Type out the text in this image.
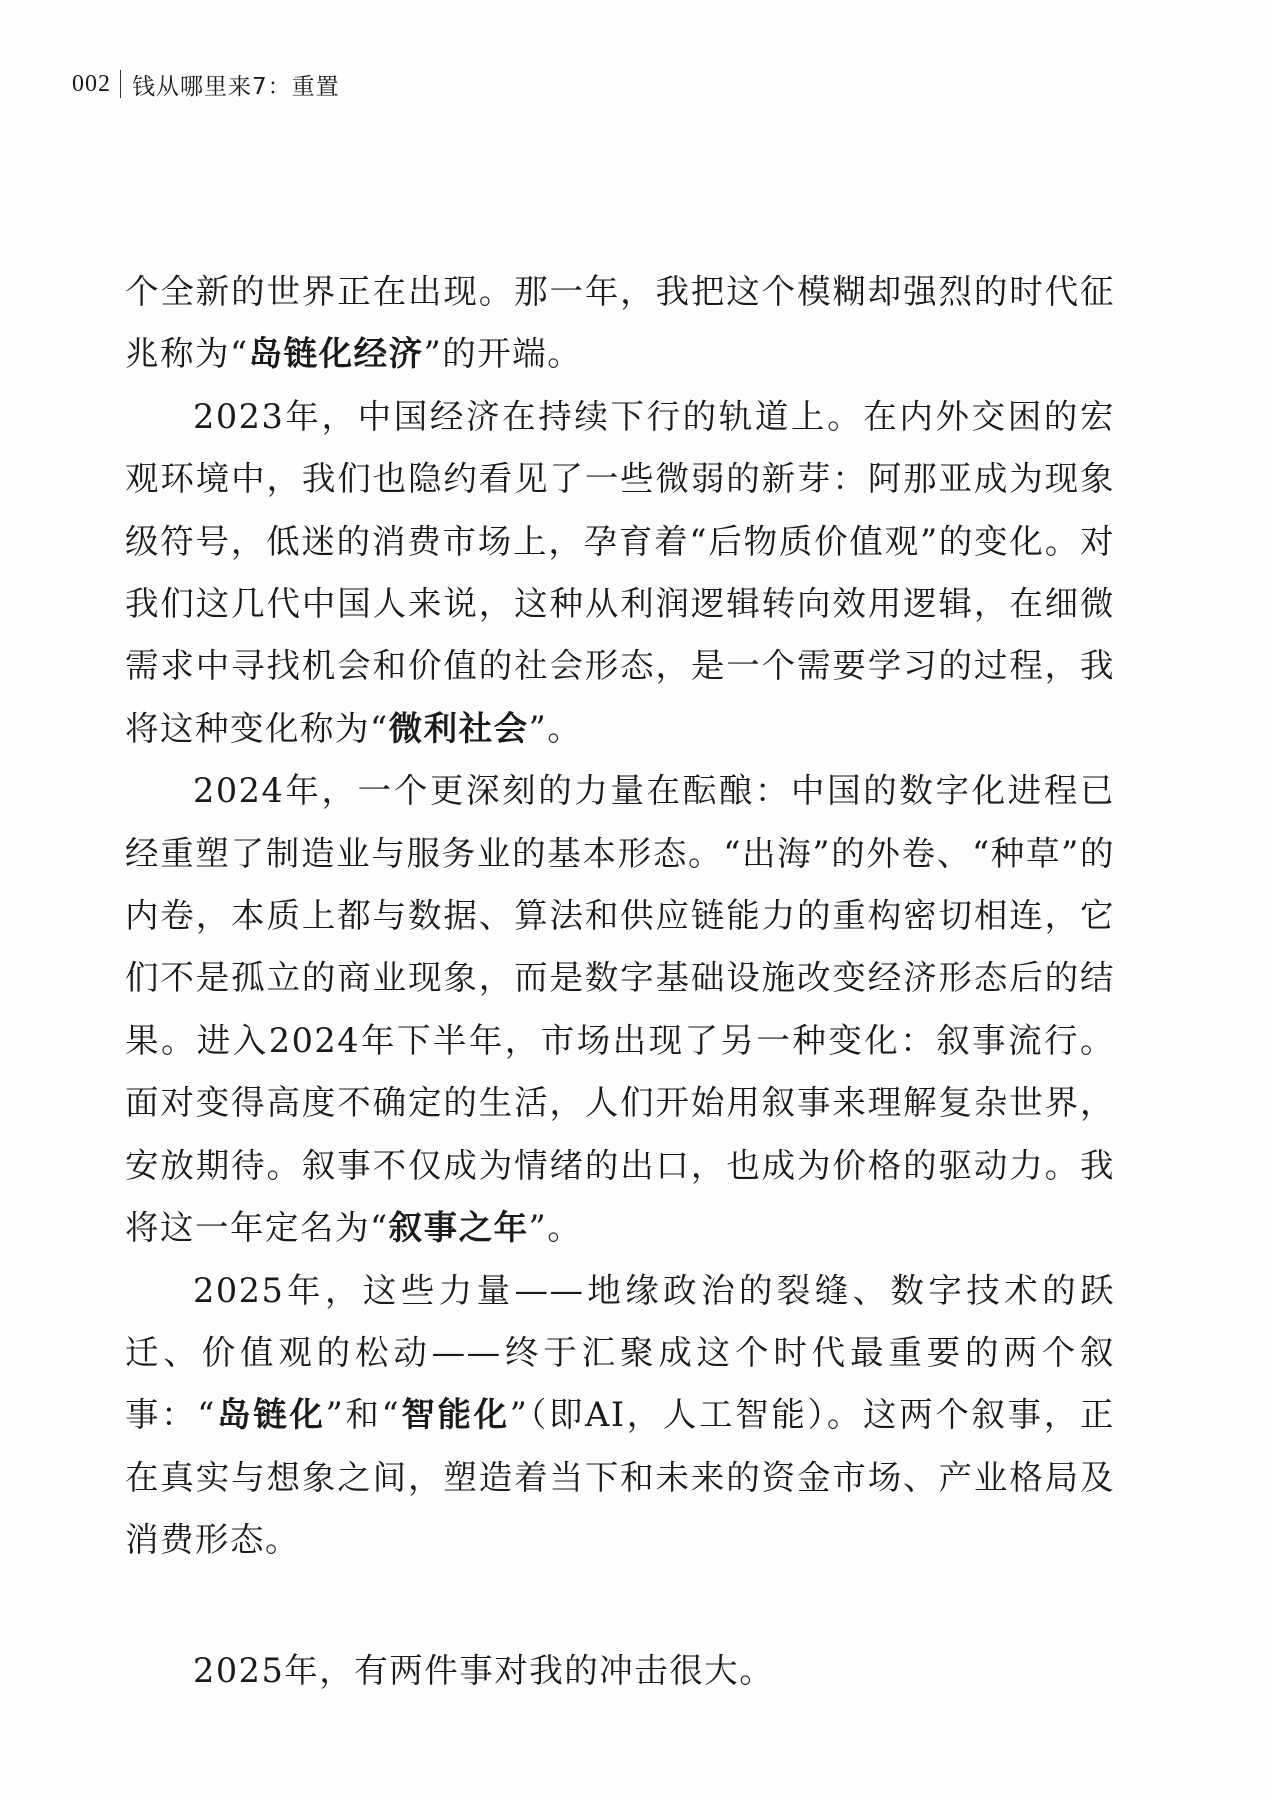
002 钱从哪里来7：重置

个全新的世界正在出现。那一年，我把这个模糊却强烈的时代征兆称为“岛链化经济”的开端。

2023年，中国经济在持续下行的轨道上。在内外交困的宏观环境中，我们也隐约看见了一些微弱的新芽：阿那亚成为现象级符号，低迷的消费市场上，孕育着“后物质价值观”的变化。对我们这几代中国人来说，这种从利润逻辑转向效用逻辑，在细微需求中寻找机会和价值的社会形态，是一个需要学习的过程，我将这种变化称为“微利社会”。

2024年，一个更深刻的力量在酝酿：中国的数字化进程已经重塑了制造业与服务业的基本形态。“出海”的外卷、“种草”的内卷，本质上都与数据、算法和供应链能力的重构密切相连，它们不是孤立的商业现象，而是数字基础设施改变经济形态后的结果。进入2024年下半年，市场出现了另一种变化：叙事流行。面对变得高度不确定的生活，人们开始用叙事来理解复杂世界，安放期待。叙事不仅成为情绪的出口，也成为价格的驱动力。我将这一年定名为“叙事之年”。

2025年，这些力量——地缘政治的裂缝、数字技术的跃迁、价值观的松动——终于汇聚成这个时代最重要的两个叙事：“岛链化”和“智能化”（即AI，人工智能）。这两个叙事，正在真实与想象之间，塑造着当下和未来的资金市场、产业格局及消费形态。

2025年，有两件事对我的冲击很大。
